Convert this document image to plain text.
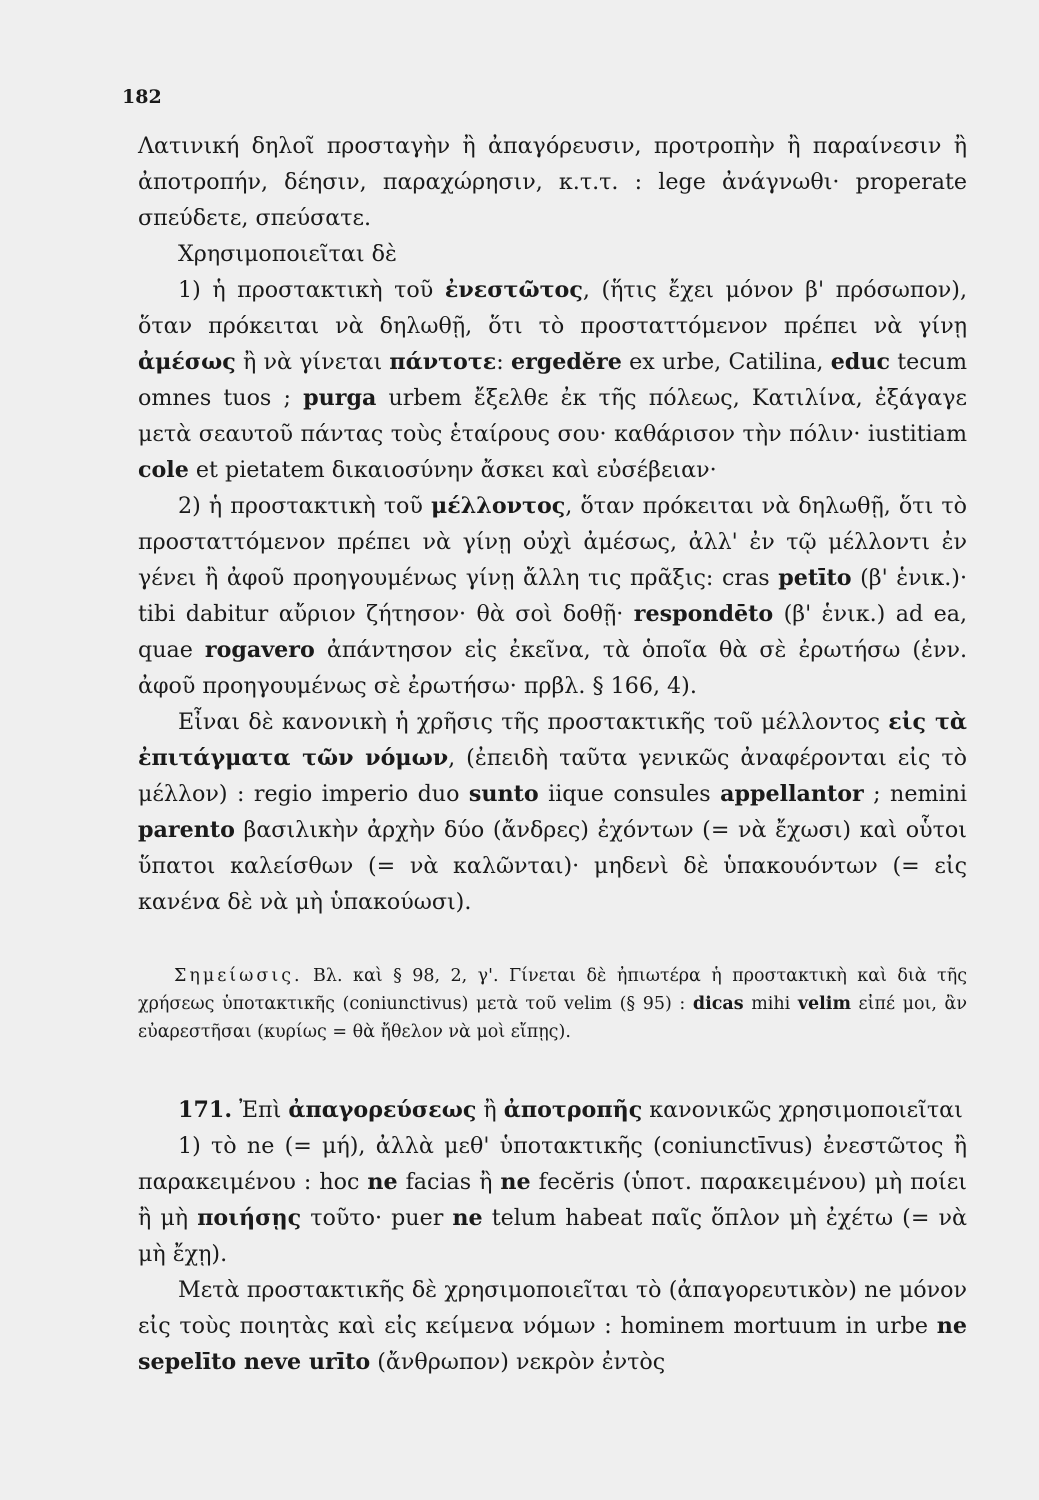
182

Λατινική δηλοῖ προσταγὴν ἢ ἀπαγόρευσιν, προτροπὴν ἢ παραίνεσιν ἢ ἀποτροπήν, δέησιν, παραχώρησιν, κ.τ.τ. : lege ἀνάγνωθι· properate σπεύδετε, σπεύσατε.

Χρησιμοποιεῖται δὲ

1) ἡ προστακτικὴ τοῦ ἐνεστῶτος, (ἥτις ἔχει μόνον β' πρόσωπον), ὅταν πρόκειται νὰ δηλωθῇ, ὅτι τὸ προσταττόμενον πρέπει νὰ γίνῃ ἀμέσως ἢ νὰ γίνεται πάντοτε: ergedĕre ex urbe, Catilina, educ tecum omnes tuos ; purga urbem ἔξελθε ἐκ τῆς πόλεως, Κατιλίνα, ἐξάγαγε μετὰ σεαυτοῦ πάντας τοὺς ἑταίρους σου· καθάρισον τὴν πόλιν· iustitiam cole et pietatem δικαιοσύνην ἄσκει καὶ εὐσέβειαν·

2) ἡ προστακτικὴ τοῦ μέλλοντος, ὅταν πρόκειται νὰ δηλωθῇ, ὅτι τὸ προσταττόμενον πρέπει νὰ γίνῃ οὐχὶ ἀμέσως, ἀλλ' ἐν τῷ μέλλοντι ἐν γένει ἢ ἀφοῦ προηγουμένως γίνῃ ἄλλη τις πρᾶξις: cras petīto (β' ἑνικ.)· tibi dabitur αὔριον ζήτησον· θὰ σοὶ δοθῇ· respondēto (β' ἑνικ.) ad ea, quae rogavero ἀπάντησον εἰς ἐκεῖνα, τὰ ὁποῖα θὰ σὲ ἐρωτήσω (ἐνν. ἀφοῦ προηγουμένως σὲ ἐρωτήσω· πρβλ. § 166, 4).

Εἶναι δὲ κανονικὴ ἡ χρῆσις τῆς προστακτικῆς τοῦ μέλλοντος εἰς τὰ ἐπιτάγματα τῶν νόμων, (ἐπειδὴ ταῦτα γενικῶς ἀναφέρονται εἰς τὸ μέλλον) : regio imperio duo sunto iique consules appellantor ; nemini parento βασιλικὴν ἀρχὴν δύο (ἄνδρες) ἐχόντων (= νὰ ἔχωσι) καὶ οὗτοι ὕπατοι καλείσθων (= νὰ καλῶνται)· μηδενὶ δὲ ὑπακουόντων (= εἰς κανένα δὲ νὰ μὴ ὑπακούωσι).

Σημείωσις. Βλ. καὶ § 98, 2, γ'. Γίνεται δὲ ἠπιωτέρα ἡ προστακτικὴ καὶ διὰ τῆς χρήσεως ὑποτακτικῆς (coniunctivus) μετὰ τοῦ velim (§ 95) : dicas mihi velim εἰπέ μοι, ἂν εὐαρεστῆσαι (κυρίως = θὰ ἤθελον νὰ μοὶ εἴπῃς).

171. Ἐπὶ ἀπαγορεύσεως ἢ ἀποτροπῆς κανονικῶς χρησιμοποιεῖται

1) τὸ ne (= μή), ἀλλὰ μεθ' ὑποτακτικῆς (coniunctīvus) ἐνεστῶτος ἢ παρακειμένου : hoc ne facias ἢ ne fecĕris (ὑποτ. παρακειμένου) μὴ ποίει ἢ μὴ ποιήσῃς τοῦτο· puer ne telum habeat παῖς ὅπλον μὴ ἐχέτω (= νὰ μὴ ἔχῃ).

Μετὰ προστακτικῆς δὲ χρησιμοποιεῖται τὸ (ἀπαγορευτικὸν) ne μόνον εἰς τοὺς ποιητὰς καὶ εἰς κείμενα νόμων : hominem mortuum in urbe ne sepelīto neve urīto (ἄνθρωπον) νεκρὸν ἐντὸς
